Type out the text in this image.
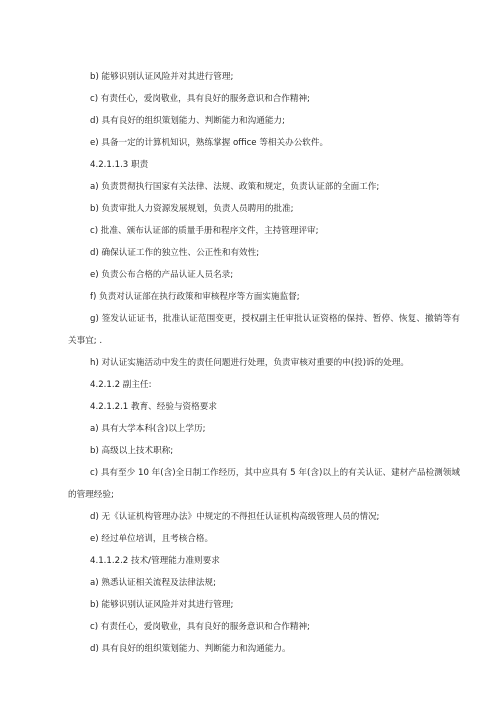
b) 能够识别认证风险并对其进行管理;

c) 有责任心，爱岗敬业，具有良好的服务意识和合作精神;

d) 具有良好的组织策划能力、判断能力和沟通能力;

e) 具备一定的计算机知识，熟练掌握 office 等相关办公软件。

4.2.1.1.3 职责

a) 负责贯彻执行国家有关法律、法规、政策和规定，负责认证部的全面工作;

b) 负责审批人力资源发展规划，负责人员聘用的批准;

c) 批准、颁布认证部的质量手册和程序文件，主持管理评审;

d) 确保认证工作的独立性、公正性和有效性;

e) 负责公布合格的产品认证人员名录;

f) 负责对认证部在执行政策和审核程序等方面实施监督;

g) 签发认证证书，批准认证范围变更，授权副主任审批认证资格的保持、暂停、恢复、撤销等有关事宜; .

h) 对认证实施活动中发生的责任问题进行处理，负责审核对重要的申(投)诉的处理。

4.2.1.2 副主任:

4.2.1.2.1 教育、经验与资格要求

a) 具有大学本科(含)以上学历;

b) 高级以上技术职称;

c) 具有至少 10 年(含)全日制工作经历，其中应具有 5 年(含)以上的有关认证、建材产品检测领域的管理经验;

d) 无《认证机构管理办法》中规定的不得担任认证机构高级管理人员的情况;

e) 经过单位培训，且考核合格。

4.1.1.2.2 技术/管理能力准则要求

a) 熟悉认证相关流程及法律法规;

b) 能够识别认证风险并对其进行管理;

c) 有责任心，爱岗敬业，具有良好的服务意识和合作精神;

d) 具有良好的组织策划能力、判断能力和沟通能力。
